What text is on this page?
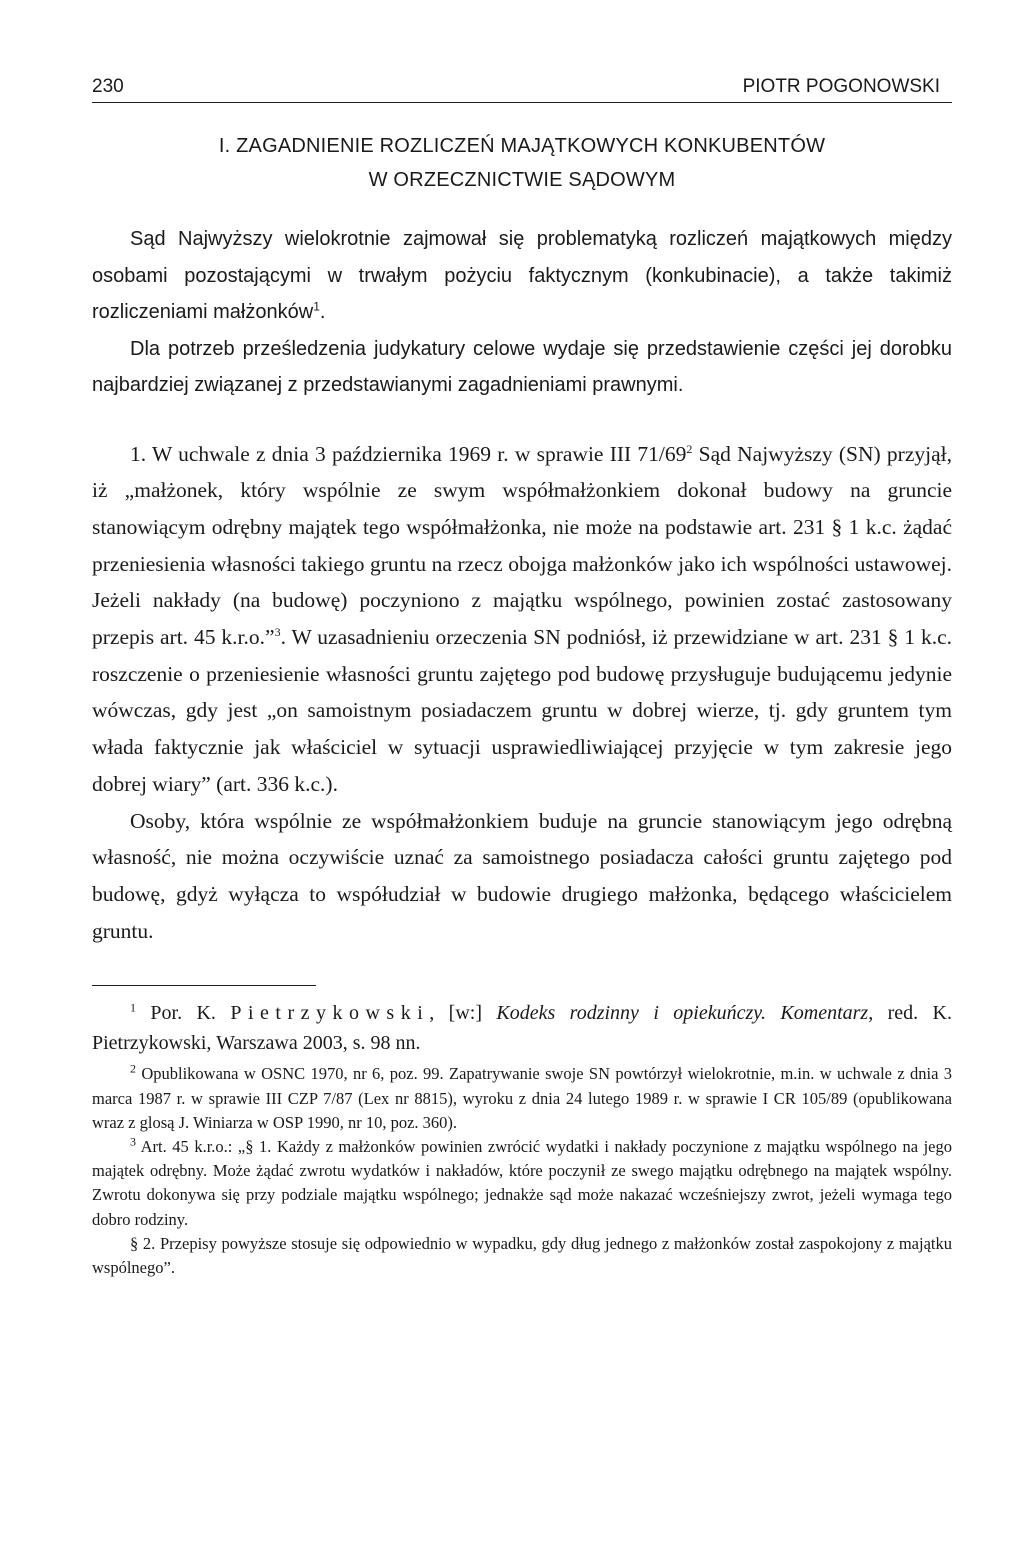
230	PIOTR POGONOWSKI
I. ZAGADNIENIE ROZLICZEŃ MAJĄTKOWYCH KONKUBENTÓW
W ORZECZNICTWIE SĄDOWYM

Sąd Najwyższy wielokrotnie zajmował się problematyką rozliczeń majątkowych między osobami pozostającymi w trwałym pożyciu faktycznym (konkubinacie), a także takimiż rozliczeniami małżonków$^1$.

Dla potrzeb prześledzenia judykatury celowe wydaje się przedstawienie części jej dorobku najbardziej związanej z przedstawianymi zagadnieniami prawnymi.

1. W uchwale z dnia 3 października 1969 r. w sprawie III $71/69^2$ Sąd Najwyższy (SN) przyjął, iż „małżonek, który wspólnie ze swym współmałżonkiem dokonał budowy na gruncie stanowiącym odrębny majątek tego współmałżonka, nie może na podstawie art. 231 § 1 k.c. żądać przeniesienia własności takiego gruntu na rzecz obojga małżonków jako ich wspólności ustawowej. Jeżeli nakłady (na budowę) poczyniono z majątku wspólnego, powinien zostać zastosowany przepis art. 45 k.r.o.”$^3$. W uzasadnieniu orzeczenia SN podniósł, iż przewidziane w art. 231 § 1 k.c. roszczenie o przeniesienie własności gruntu zajętego pod budowę przysługuje budującemu jedynie wówczas, gdy jest „on samoistnym posiadaczem gruntu w dobrej wierze, tj. gdy gruntem tym włada faktycznie jak właściciel w sytuacji usprawiedliwiającej przyjęcie w tym zakresie jego dobrej wiary” (art. 336 k.c.).

Osoby, która wspólnie ze współmałżonkiem buduje na gruncie stanowiącym jego odrębną własność, nie można oczywiście uznać za samoistnego posiadacza całości gruntu zajętego pod budowę, gdyż wyłącza to współudział w budowie drugiego małżonka, będącego właścicielem gruntu.

$^1$ Por. K. Pietrzykowski, [w:] Kodeks rodzinny i opiekuńczy. Komentarz, red. K. Pietrzykowski, Warszawa 2003, s. 98 nn.

$^2$ Opublikowana w OSNC 1970, nr 6, poz. 99. Zapatrywanie swoje SN powtórzył wielokrotnie, m.in. w uchwale z dnia 3 marca 1987 r. w sprawie III CZP 7/87 (Lex nr 8815), wyroku z dnia 24 lutego 1989 r. w sprawie I CR 105/89 (opublikowana wraz z glosą J. Winiarza w OSP 1990, nr 10, poz. 360).

$^3$ Art. 45 k.r.o.: „§ 1. Każdy z małżonków powinien zwrócić wydatki i nakłady poczynione z majątku wspólnego na jego majątek odrębny. Może żądać zwrotu wydatków i nakładów, które poczynił ze swego majątku odrębnego na majątek wspólny. Zwrotu dokonywa się przy podziale majątku wspólnego; jednakże sąd może nakazać wcześniejszy zwrot, jeżeli wymaga tego dobro rodziny.

§ 2. Przepisy powyższe stosuje się odpowiednio w wypadku, gdy dług jednego z małżonków został zaspokojony z majątku wspólnego”.
